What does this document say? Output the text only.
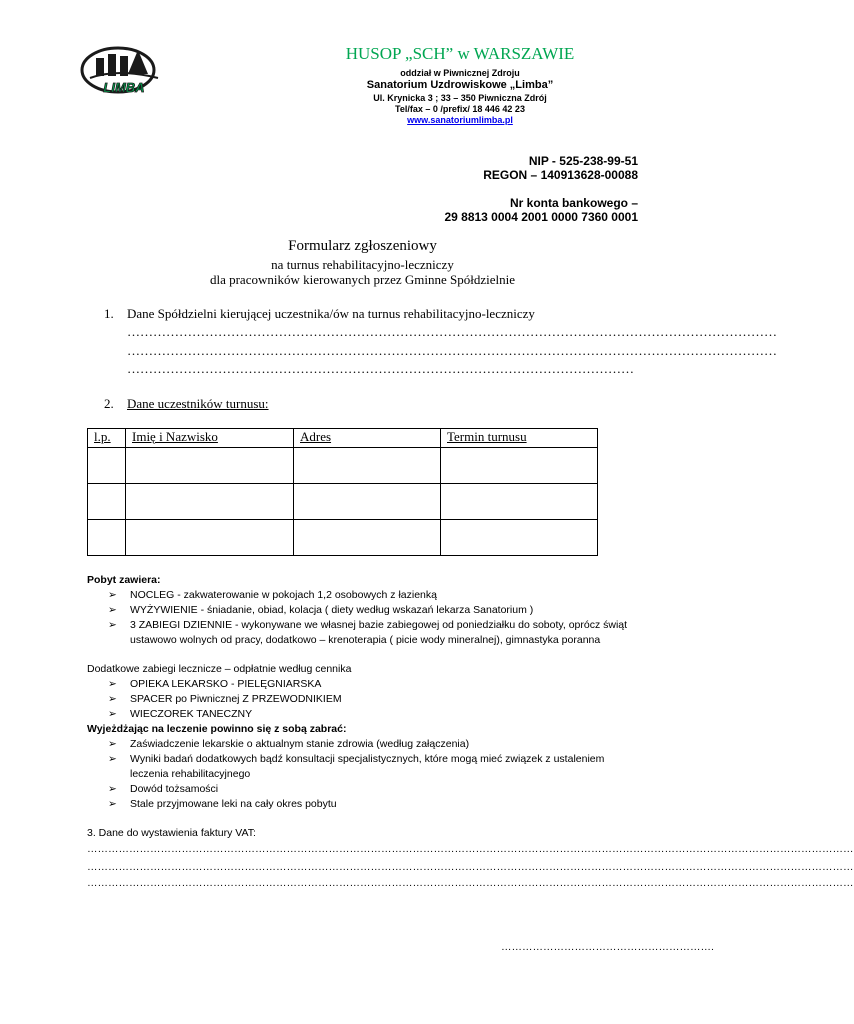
LIMBA
HUSOP „SCH” w WARSZAWIE
oddział w Piwnicznej Zdroju
Sanatorium Uzdrowiskowe „Limba”
Ul. Krynicka 3 ; 33 – 350 Piwniczna Zdrój
Tel/fax – 0 /prefix/ 18 446 42 23
www.sanatoriumlimba.pl
NIP - 525-238-99-51
REGON – 140913628-00088
Nr konta bankowego –
29 8813 0004 2001 0000 7360 0001
Formularz zgłoszeniowy
na turnus rehabilitacyjno-leczniczy
dla pracowników kierowanych przez Gminne Spółdzielnie
1. Dane Spółdzielni kierującej uczestnika/ów na turnus rehabilitacyjno-leczniczy
……………………………………………………………………………………………………………………………………
……………………………………………………………………………………………………………………………………
………………………………………………………………………………………………………
2. Dane uczestników turnusu:
l.p.	Imię i Nazwisko	Adres	Termin turnusu

Pobyt zawiera:
➢ NOCLEG - zakwaterowanie w pokojach 1,2 osobowych z łazienką
➢ WYŻYWIENIE - śniadanie, obiad, kolacja ( diety według wskazań lekarza Sanatorium )
➢ 3 ZABIEGI DZIENNIE - wykonywane we własnej bazie zabiegowej od poniedziałku do soboty, oprócz świąt ustawowo wolnych od pracy, dodatkowo – krenoterapia ( picie wody mineralnej), gimnastyka poranna
Dodatkowe zabiegi lecznicze – odpłatnie według cennika
➢ OPIEKA LEKARSKO - PIELĘGNIARSKA
➢ SPACER po Piwnicznej Z PRZEWODNIKIEM
➢ WIECZOREK TANECZNY
Wyjeżdżając na leczenie powinno się z sobą zabrać:
➢ Zaświadczenie lekarskie o aktualnym stanie zdrowia (według załączenia)
➢ Wyniki badań dodatkowych bądź konsultacji specjalistycznych, które mogą mieć związek z ustaleniem leczenia rehabilitacyjnego
➢ Dowód tożsamości
➢ Stale przyjmowane leki na cały okres pobytu
3. Dane do wystawienia faktury VAT:
…………………………………………………………………………………………………………………………………………………………………………………………………
…………………………………………………………………………………………………………………………………………………………………………………………………
…………………………………………………………………………………………………………………………………………………………………………………………………
…………………………………………………….
